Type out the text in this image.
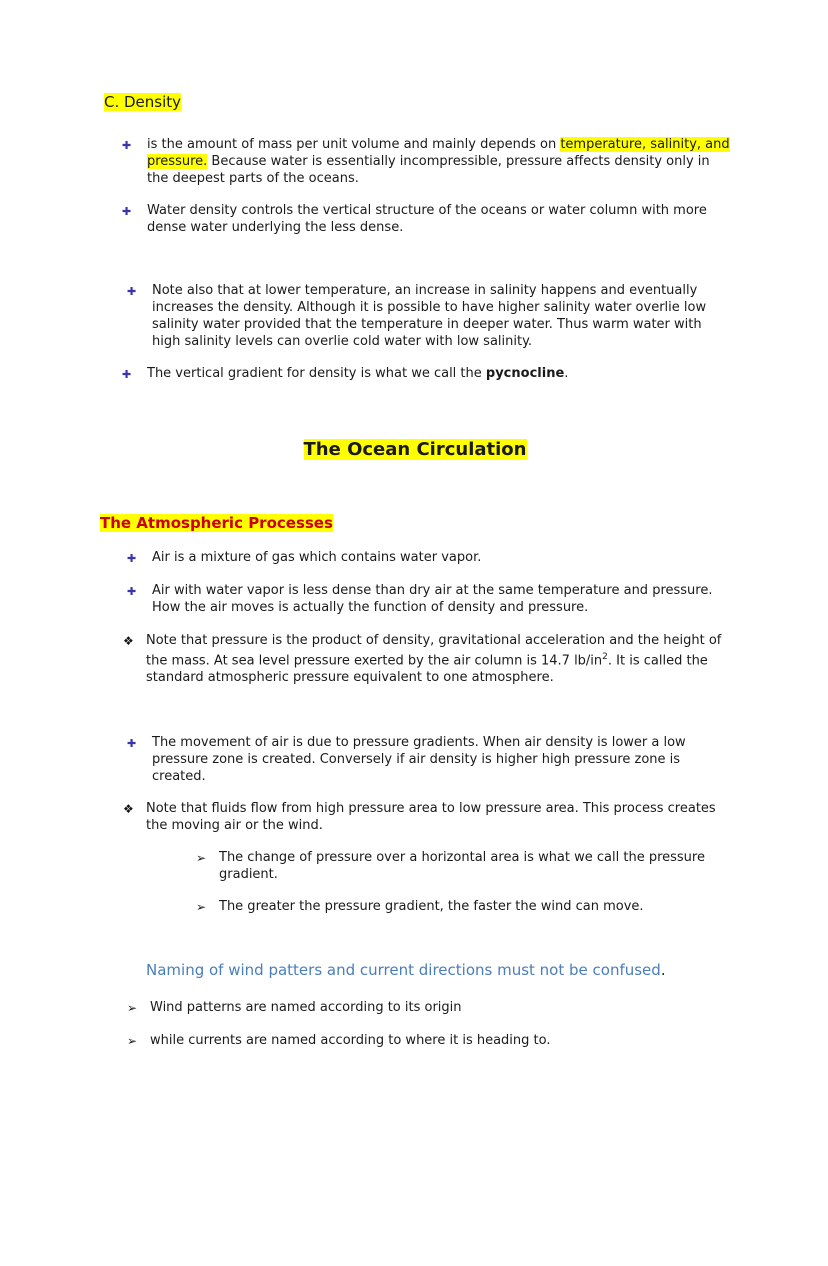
C. Density
✚	is the amount of mass per unit volume and mainly depends on temperature, salinity, and pressure. Because water is essentially incompressible, pressure affects density only in the deepest parts of the oceans.
✚	Water density controls the vertical structure of the oceans or water column with more dense water underlying the less dense.
✚	Note also that at lower temperature, an increase in salinity happens and eventually increases the density. Although it is possible to have higher salinity water overlie low salinity water provided that the temperature in deeper water. Thus warm water with high salinity levels can overlie cold water with low salinity.
✚	The vertical gradient for density is what we call the pycnocline.
The Ocean Circulation
The Atmospheric Processes
✚	Air is a mixture of gas which contains water vapor.
✚	Air with water vapor is less dense than dry air at the same temperature and pressure. How the air moves is actually the function of density and pressure.
❖ Note that pressure is the product of density, gravitational acceleration and the height of the mass. At sea level pressure exerted by the air column is 14.7 $lb/in^2$. It is called the standard atmospheric pressure equivalent to one atmosphere.
✚	The movement of air is due to pressure gradients. When air density is lower a low pressure zone is created. Conversely if air density is higher high pressure zone is created.
❖ Note that fluids flow from high pressure area to low pressure area. This process creates the moving air or the wind.
➢ The change of pressure over a horizontal area is what we call the pressure gradient.
➢ The greater the pressure gradient, the faster the wind can move.
Naming of wind patters and current directions must not be confused.
➢ Wind patterns are named according to its origin
➢ while currents are named according to where it is heading to.
